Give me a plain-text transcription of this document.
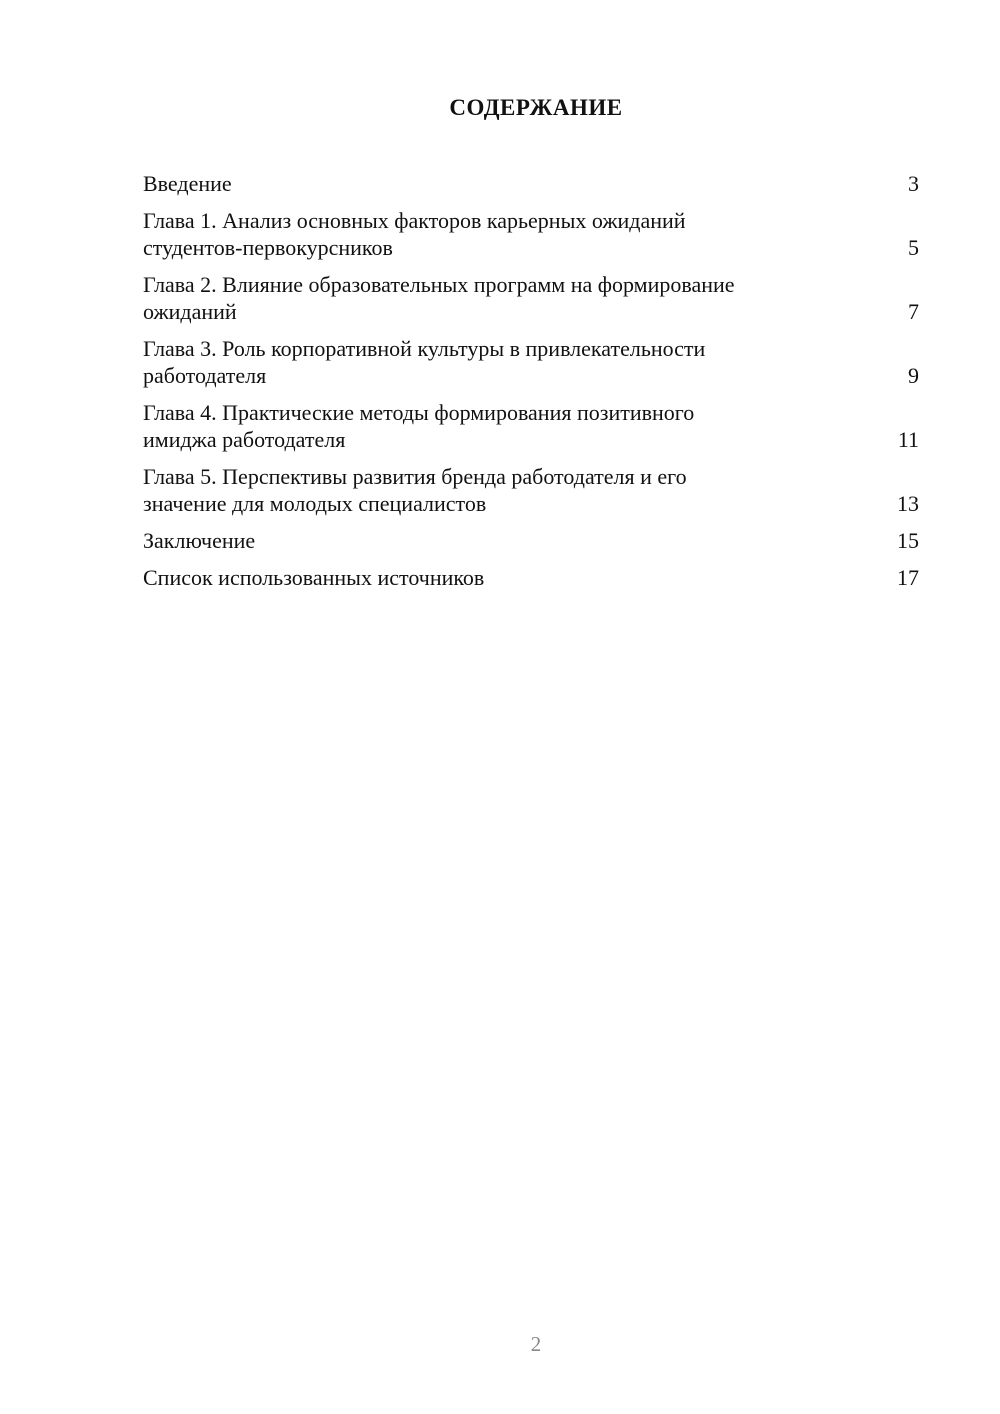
СОДЕРЖАНИЕ
Введение	3
Глава 1. Анализ основных факторов карьерных ожиданий
студентов-первокурсников	5
Глава 2. Влияние образовательных программ на формирование
ожиданий	7
Глава 3. Роль корпоративной культуры в привлекательности
работодателя	9
Глава 4. Практические методы формирования позитивного
имиджа работодателя	11
Глава 5. Перспективы развития бренда работодателя и его
значение для молодых специалистов	13
Заключение	15
Список использованных источников	17
2
